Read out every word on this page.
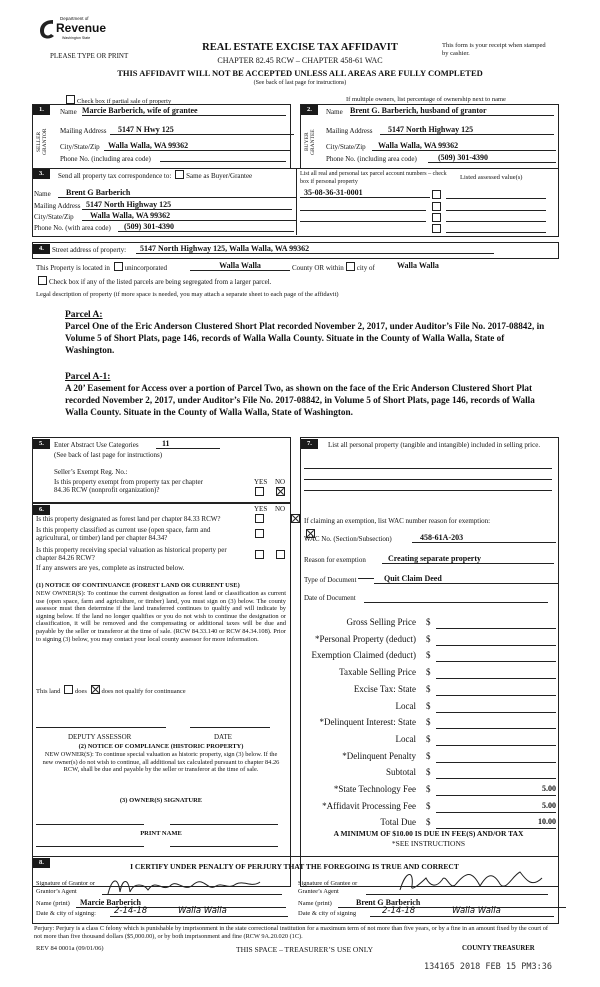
Department of
Revenue
Washington State
PLEASE TYPE OR PRINT
REAL ESTATE EXCISE TAX AFFIDAVIT
CHAPTER 82.45 RCW – CHAPTER 458-61 WAC
THIS AFFIDAVIT WILL NOT BE ACCEPTED UNLESS ALL AREAS ARE FULLY COMPLETED
(See back of last page for instructions)
This form is your receipt when stamped by cashier.
Check box if partial sale of property	If multiple owners, list percentage of ownership next to name
1.
SELLER GRANTOR
Name Marcie Barberich, wife of grantee
Mailing Address	5147 N Hwy 125
City/State/Zip	Walla Walla, WA 99362
Phone No. (including area code)
2.
BUYER GRANTEE
Name Brent G. Barberich, husband of grantor
Mailing Address	5147 North Highway 125
City/State/Zip	Walla Walla, WA 99362
Phone No. (including area code)	(509) 301-4390
3.	Send all property tax correspondence to: Same as Buyer/Grantee
Name	Brent G Barberich
Mailing Address 5147 North Highway 125
City/State/Zip	Walla Walla, WA 99362
Phone No. (with area code)	(509) 301-4390
List all real and personal tax parcel account numbers – check box if personal property
Listed assessed value(s)
35-08-36-31-0001
4.	Street address of property:	5147 North Highway 125, Walla Walla, WA 99362
This Property is located in unincorporated	Walla Walla	County OR within city of	Walla Walla
Check box if any of the listed parcels are being segregated from a larger parcel.
Legal description of property (if more space is needed, you may attach a separate sheet to each page of the affidavit)
Parcel A:
Parcel One of the Eric Anderson Clustered Short Plat recorded November 2, 2017, under Auditor’s File No. 2017-08842, in Volume 5 of Short Plats, page 146, records of Walla Walla County. Situate in the County of Walla Walla, State of Washington.
Parcel A-1:
A 20’ Easement for Access over a portion of Parcel Two, as shown on the face of the Eric Anderson Clustered Short Plat recorded November 2, 2017, under Auditor’s File No. 2017-08842, in Volume 5 of Short Plats, page 146, records of Walla Walla County. Situate in the County of Walla Walla, State of Washington.
5.	Enter Abstract Use Categories	11
(See back of last page for instructions)
Seller’s Exempt Reg. No.:
Is this property exempt from property tax per chapter 84.36 RCW (nonprofit organization)?
YES NO

6.	YES NO
Is this property designated as forest land per chapter 84.33 RCW?

Is this property classified as current use (open space, farm and agricultural, or timber) land per chapter 84.34?
Is this property receiving special valuation as historical property per chapter 84.26 RCW?
If any answers are yes, complete as instructed below.
(1) NOTICE OF CONTINUANCE (FOREST LAND OR CURRENT USE)
NEW OWNER(S): To continue the current designation as forest land or classification as current use (open space, farm and agriculture, or timber) land, you must sign on (3) below. The county assessor must then determine if the land transferred continues to qualify and will indicate by signing below. If the land no longer qualifies or you do not wish to continue the designation or classification, it will be removed and the compensating or additional taxes will be due and payable by the seller or transferor at the time of sale. (RCW 84.33.140 or RCW 84.34.108). Prior to signing (3) below, you may contact your local county assessor for more information.
This land does does not qualify for continuance
DEPUTY ASSESSOR	DATE
(2) NOTICE OF COMPLIANCE (HISTORIC PROPERTY)
NEW OWNER(S): To continue special valuation as historic property, sign (3) below. If the new owner(s) do not wish to continue, all additional tax calculated pursuant to chapter 84.26 RCW, shall be due and payable by the seller or transferor at the time of sale.
(3) OWNER(S) SIGNATURE
PRINT NAME
7.	List all personal property (tangible and intangible) included in selling price.
If claiming an exemption, list WAC number reason for exemption:
WAC No. (Section/Subsection)	458-61A-203
Reason for exemption	Creating separate property
Type of Document	Quit Claim Deed
Date of Document
Gross Selling Price $
*Personal Property (deduct) $
Exemption Claimed (deduct) $
Taxable Selling Price $
Excise Tax: State $
Local $
*Delinquent Interest: State $
Local $
*Delinquent Penalty $
Subtotal $
*State Technology Fee $	5.00
*Affidavit Processing Fee $	5.00
Total Due $	10.00
A MINIMUM OF $10.00 IS DUE IN FEE(S) AND/OR TAX
*SEE INSTRUCTIONS
8.	I CERTIFY UNDER PENALTY OF PERJURY THAT THE FOREGOING IS TRUE AND CORRECT
Signature of Grantor or Grantor’s Agent
Name (print)	Marcie Barberich
Date & city of signing:	2-14-18	Walla Walla
Signature of Grantee or Grantee’s Agent
Name (print)	Brent G Barberich
Date & city of signing	2-14-18	Walla Walla
Perjury: Perjury is a class C felony which is punishable by imprisonment in the state correctional institution for a maximum term of not more than five years, or by a fine in an amount fixed by the court of not more than five thousand dollars ($5,000.00), or by both imprisonment and fine (RCW 9A.20.020 (1C).
REV 84 0001a (09/01/06)	THIS SPACE – TREASURER’S USE ONLY	COUNTY TREASURER
134165 2018 FEB 15 PM3:36
